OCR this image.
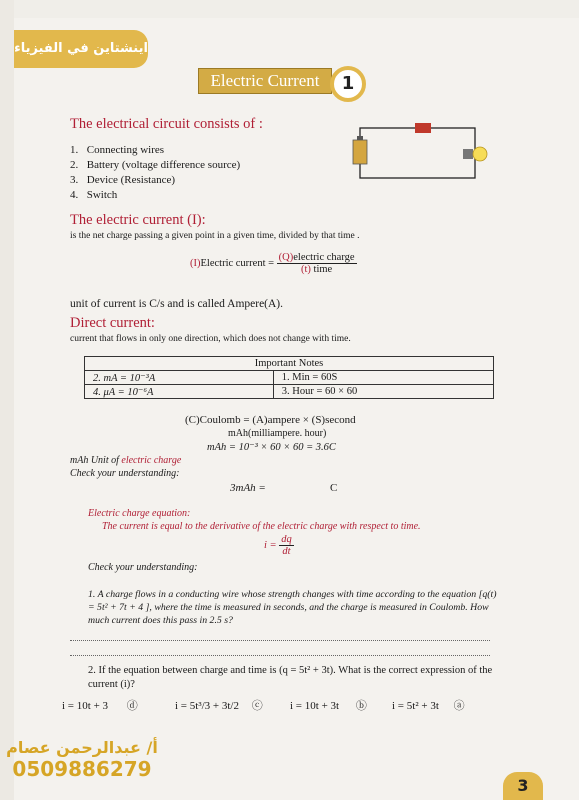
اينشتاين في الفيزياء
Electric Current	1
The electrical circuit consists of :
1. Connecting wires
2. Battery (voltage difference source)
3. Device (Resistance)
4. Switch
The electric current (I):
is the net charge passing a given point in a given time, divided by that time .
(I)Electric current =
(Q)electric charge
(t) time
unit of current is C/s and is called Ampere(A).
Direct current:
current that flows in only one direction, which does not change with time.
Important Notes	
2. mA = 10⁻³A	1. Min = 60S
4. μA = 10⁻⁶A	3. Hour = 60 × 60
(C)Coulomb = (A)ampere × (S)second
mAh(milliampere. hour)
mAh = 10⁻³ × 60 × 60 = 3.6C
mAh Unit of electric charge
Check your understanding:
3mAh =	C
Electric charge equation:
The current is equal to the derivative of the electric charge with respect to time.
$i = \frac{dq}{dt}$
Check your understanding:
1. A charge flows in a conducting wire whose strength changes with time according to the equation [q(t) = 5t² + 7t + 4 ], where the time is measured in seconds, and the charge is measured in Coulomb. How much current does this pass in 2.5 s?
2. If the equation between charge and time is (q = 5t² + 3t). What is the correct expression of the current (i)?
i = 10t + 3 ⓓ	i = 5t³/3 + 3t/2 ⓒ i = 10t + 3t ⓑ i = 5t² + 3t ⓐ
أ/ عبدالرحمن عصام
0509886279
3
